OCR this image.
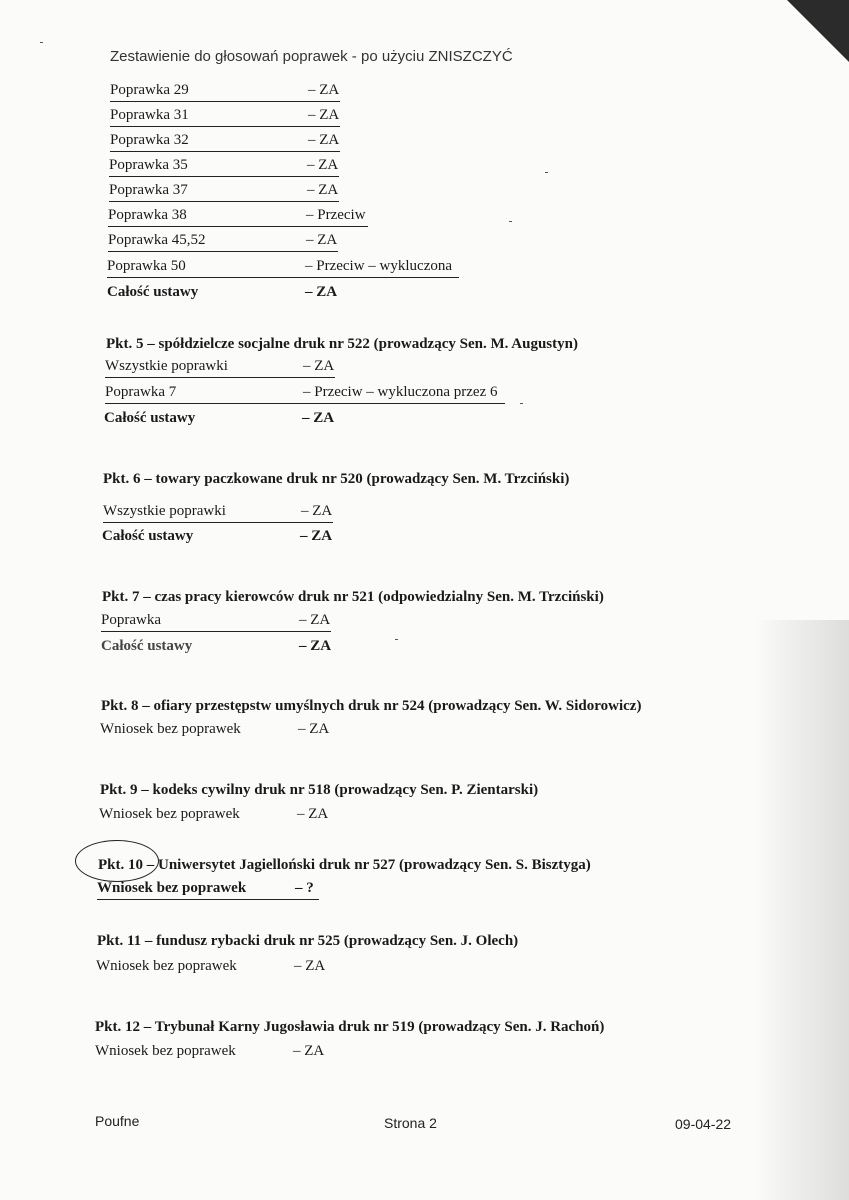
Zestawienie do głosowań poprawek - po użyciu ZNISZCZYĆ
Poprawka 29	– ZA
Poprawka 31	– ZA
Poprawka 32	– ZA
Poprawka 35	– ZA
Poprawka 37	– ZA
Poprawka 38	– Przeciw
Poprawka 45,52	– ZA
Poprawka 50	– Przeciw – wykluczona
Całość ustawy	– ZA
Pkt. 5 – spółdzielcze socjalne druk nr 522 (prowadzący Sen. M. Augustyn)
Wszystkie poprawki	– ZA
Poprawka 7	– Przeciw – wykluczona przez 6
Całość ustawy	– ZA
Pkt. 6 – towary paczkowane druk nr 520 (prowadzący Sen. M. Trzciński)
Wszystkie poprawki	– ZA
Całość ustawy	– ZA
Pkt. 7 – czas pracy kierowców druk nr 521 (odpowiedzialny Sen. M. Trzciński)
Poprawka	– ZA
Całość ustawy	– ZA
Pkt. 8 – ofiary przestępstw umyślnych druk nr 524 (prowadzący Sen. W. Sidorowicz)
Wniosek bez poprawek	– ZA
Pkt. 9 – kodeks cywilny druk nr 518 (prowadzący Sen. P. Zientarski)
Wniosek bez poprawek	– ZA
Pkt. 10 – Uniwersytet Jagielloński druk nr 527 (prowadzący Sen. S. Bisztyga)
Wniosek bez poprawek	– ?
Pkt. 11 – fundusz rybacki druk nr 525 (prowadzący Sen. J. Olech)
Wniosek bez poprawek	– ZA
Pkt. 12 – Trybunał Karny Jugosławia druk nr 519 (prowadzący Sen. J. Rachoń)
Wniosek bez poprawek	– ZA
Poufne	Strona 2	09-04-22
